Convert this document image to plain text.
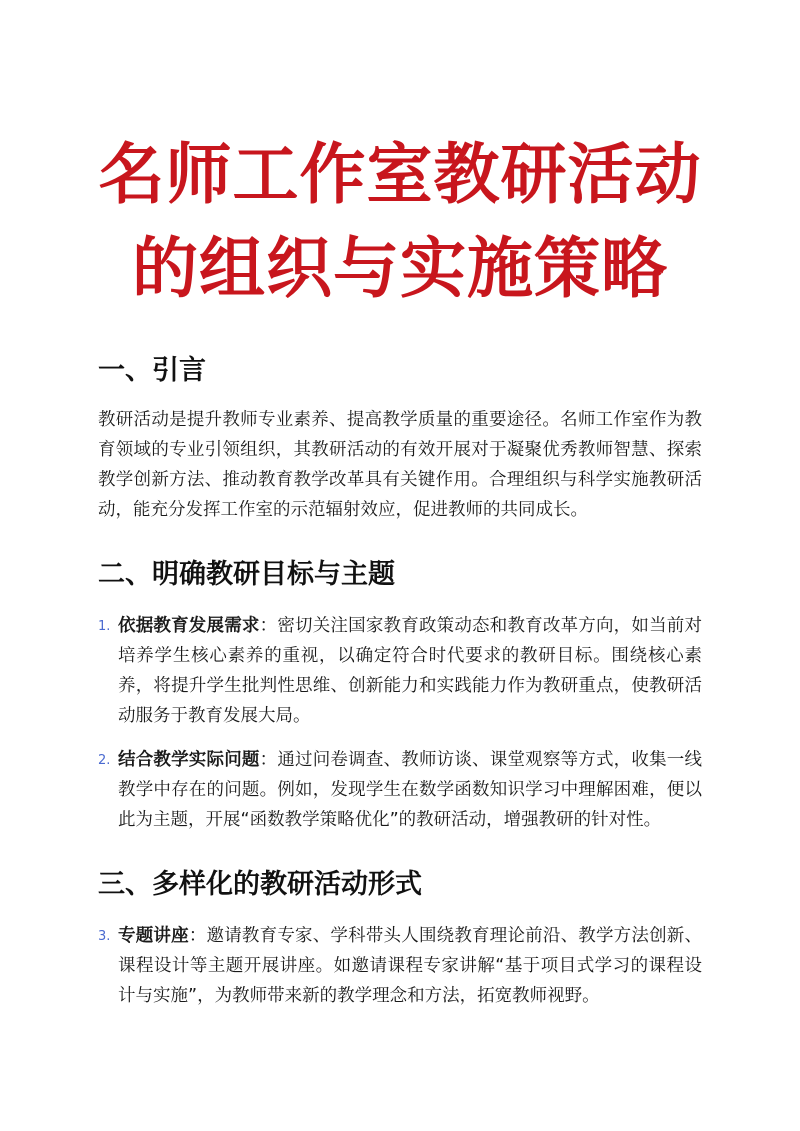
名师工作室教研活动
的组织与实施策略
一、引言

教研活动是提升教师专业素养、提高教学质量的重要途径。名师工作室作为教育领域的专业引领组织，其教研活动的有效开展对于凝聚优秀教师智慧、探索教学创新方法、推动教育教学改革具有关键作用。合理组织与科学实施教研活动，能充分发挥工作室的示范辐射效应，促进教师的共同成长。

二、明确教研目标与主题
1. 依据教育发展需求：密切关注国家教育政策动态和教育改革方向，如当前对培养学生核心素养的重视，以确定符合时代要求的教研目标。围绕核心素养，将提升学生批判性思维、创新能力和实践能力作为教研重点，使教研活动服务于教育发展大局。
2. 结合教学实际问题：通过问卷调查、教师访谈、课堂观察等方式，收集一线教学中存在的问题。例如，发现学生在数学函数知识学习中理解困难，便以此为主题，开展“函数教学策略优化”的教研活动，增强教研的针对性。
三、多样化的教研活动形式
3. 专题讲座：邀请教育专家、学科带头人围绕教育理论前沿、教学方法创新、课程设计等主题开展讲座。如邀请课程专家讲解“基于项目式学习的课程设计与实施”，为教师带来新的教学理念和方法，拓宽教师视野。
